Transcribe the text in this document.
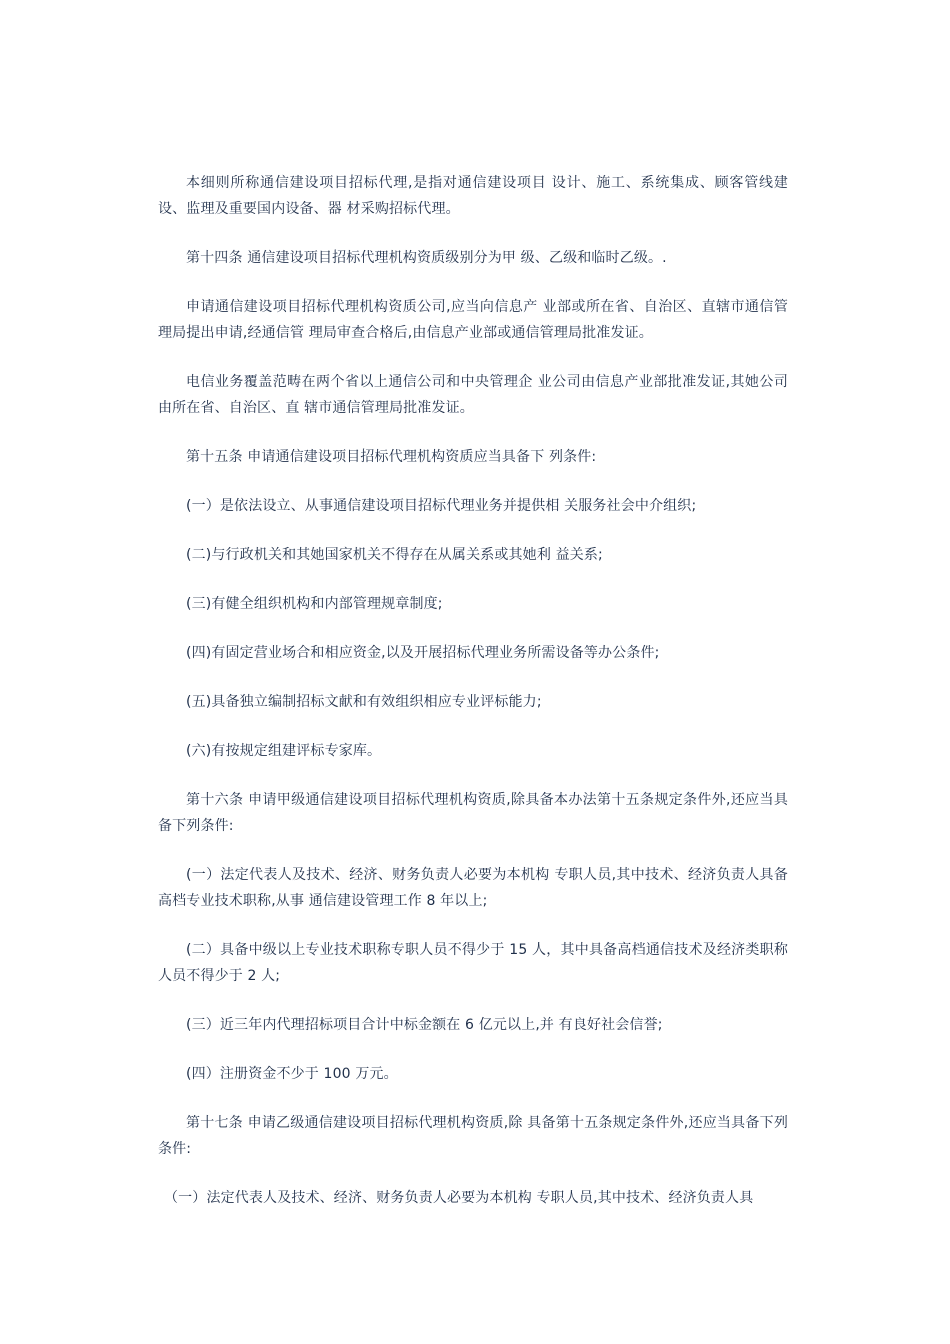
本细则所称通信建设项目招标代理,是指对通信建设项目 设计、施工、系统集成、顾客管线建设、监理及重要国内设备、器 材采购招标代理。

第十四条 通信建设项目招标代理机构资质级别分为甲 级、乙级和临时乙级。.

申请通信建设项目招标代理机构资质公司,应当向信息产 业部或所在省、自治区、直辖市通信管理局提出申请,经通信管 理局审查合格后,由信息产业部或通信管理局批准发证。

电信业务覆盖范畴在两个省以上通信公司和中央管理企 业公司由信息产业部批准发证,其她公司由所在省、自治区、直 辖市通信管理局批准发证。

第十五条 申请通信建设项目招标代理机构资质应当具备下 列条件:

(一）是依法设立、从事通信建设项目招标代理业务并提供相 关服务社会中介组织;

(二)与行政机关和其她国家机关不得存在从属关系或其她利 益关系;

(三)有健全组织机构和内部管理规章制度;

(四)有固定营业场合和相应资金,以及开展招标代理业务所需设备等办公条件;

(五)具备独立编制招标文献和有效组织相应专业评标能力;

(六)有按规定组建评标专家库。

第十六条 申请甲级通信建设项目招标代理机构资质,除具备本办法第十五条规定条件外,还应当具备下列条件:

(一）法定代表人及技术、经济、财务负责人必要为本机构 专职人员,其中技术、经济负责人具备高档专业技术职称,从事 通信建设管理工作 8 年以上;

(二）具备中级以上专业技术职称专职人员不得少于 15 人，其中具备高档通信技术及经济类职称人员不得少于 2 人;

(三）近三年内代理招标项目合计中标金额在 6 亿元以上,并 有良好社会信誉;

(四）注册资金不少于 100 万元。

第十七条 申请乙级通信建设项目招标代理机构资质,除 具备第十五条规定条件外,还应当具备下列条件:

（一）法定代表人及技术、经济、财务负责人必要为本机构 专职人员,其中技术、经济负责人具
